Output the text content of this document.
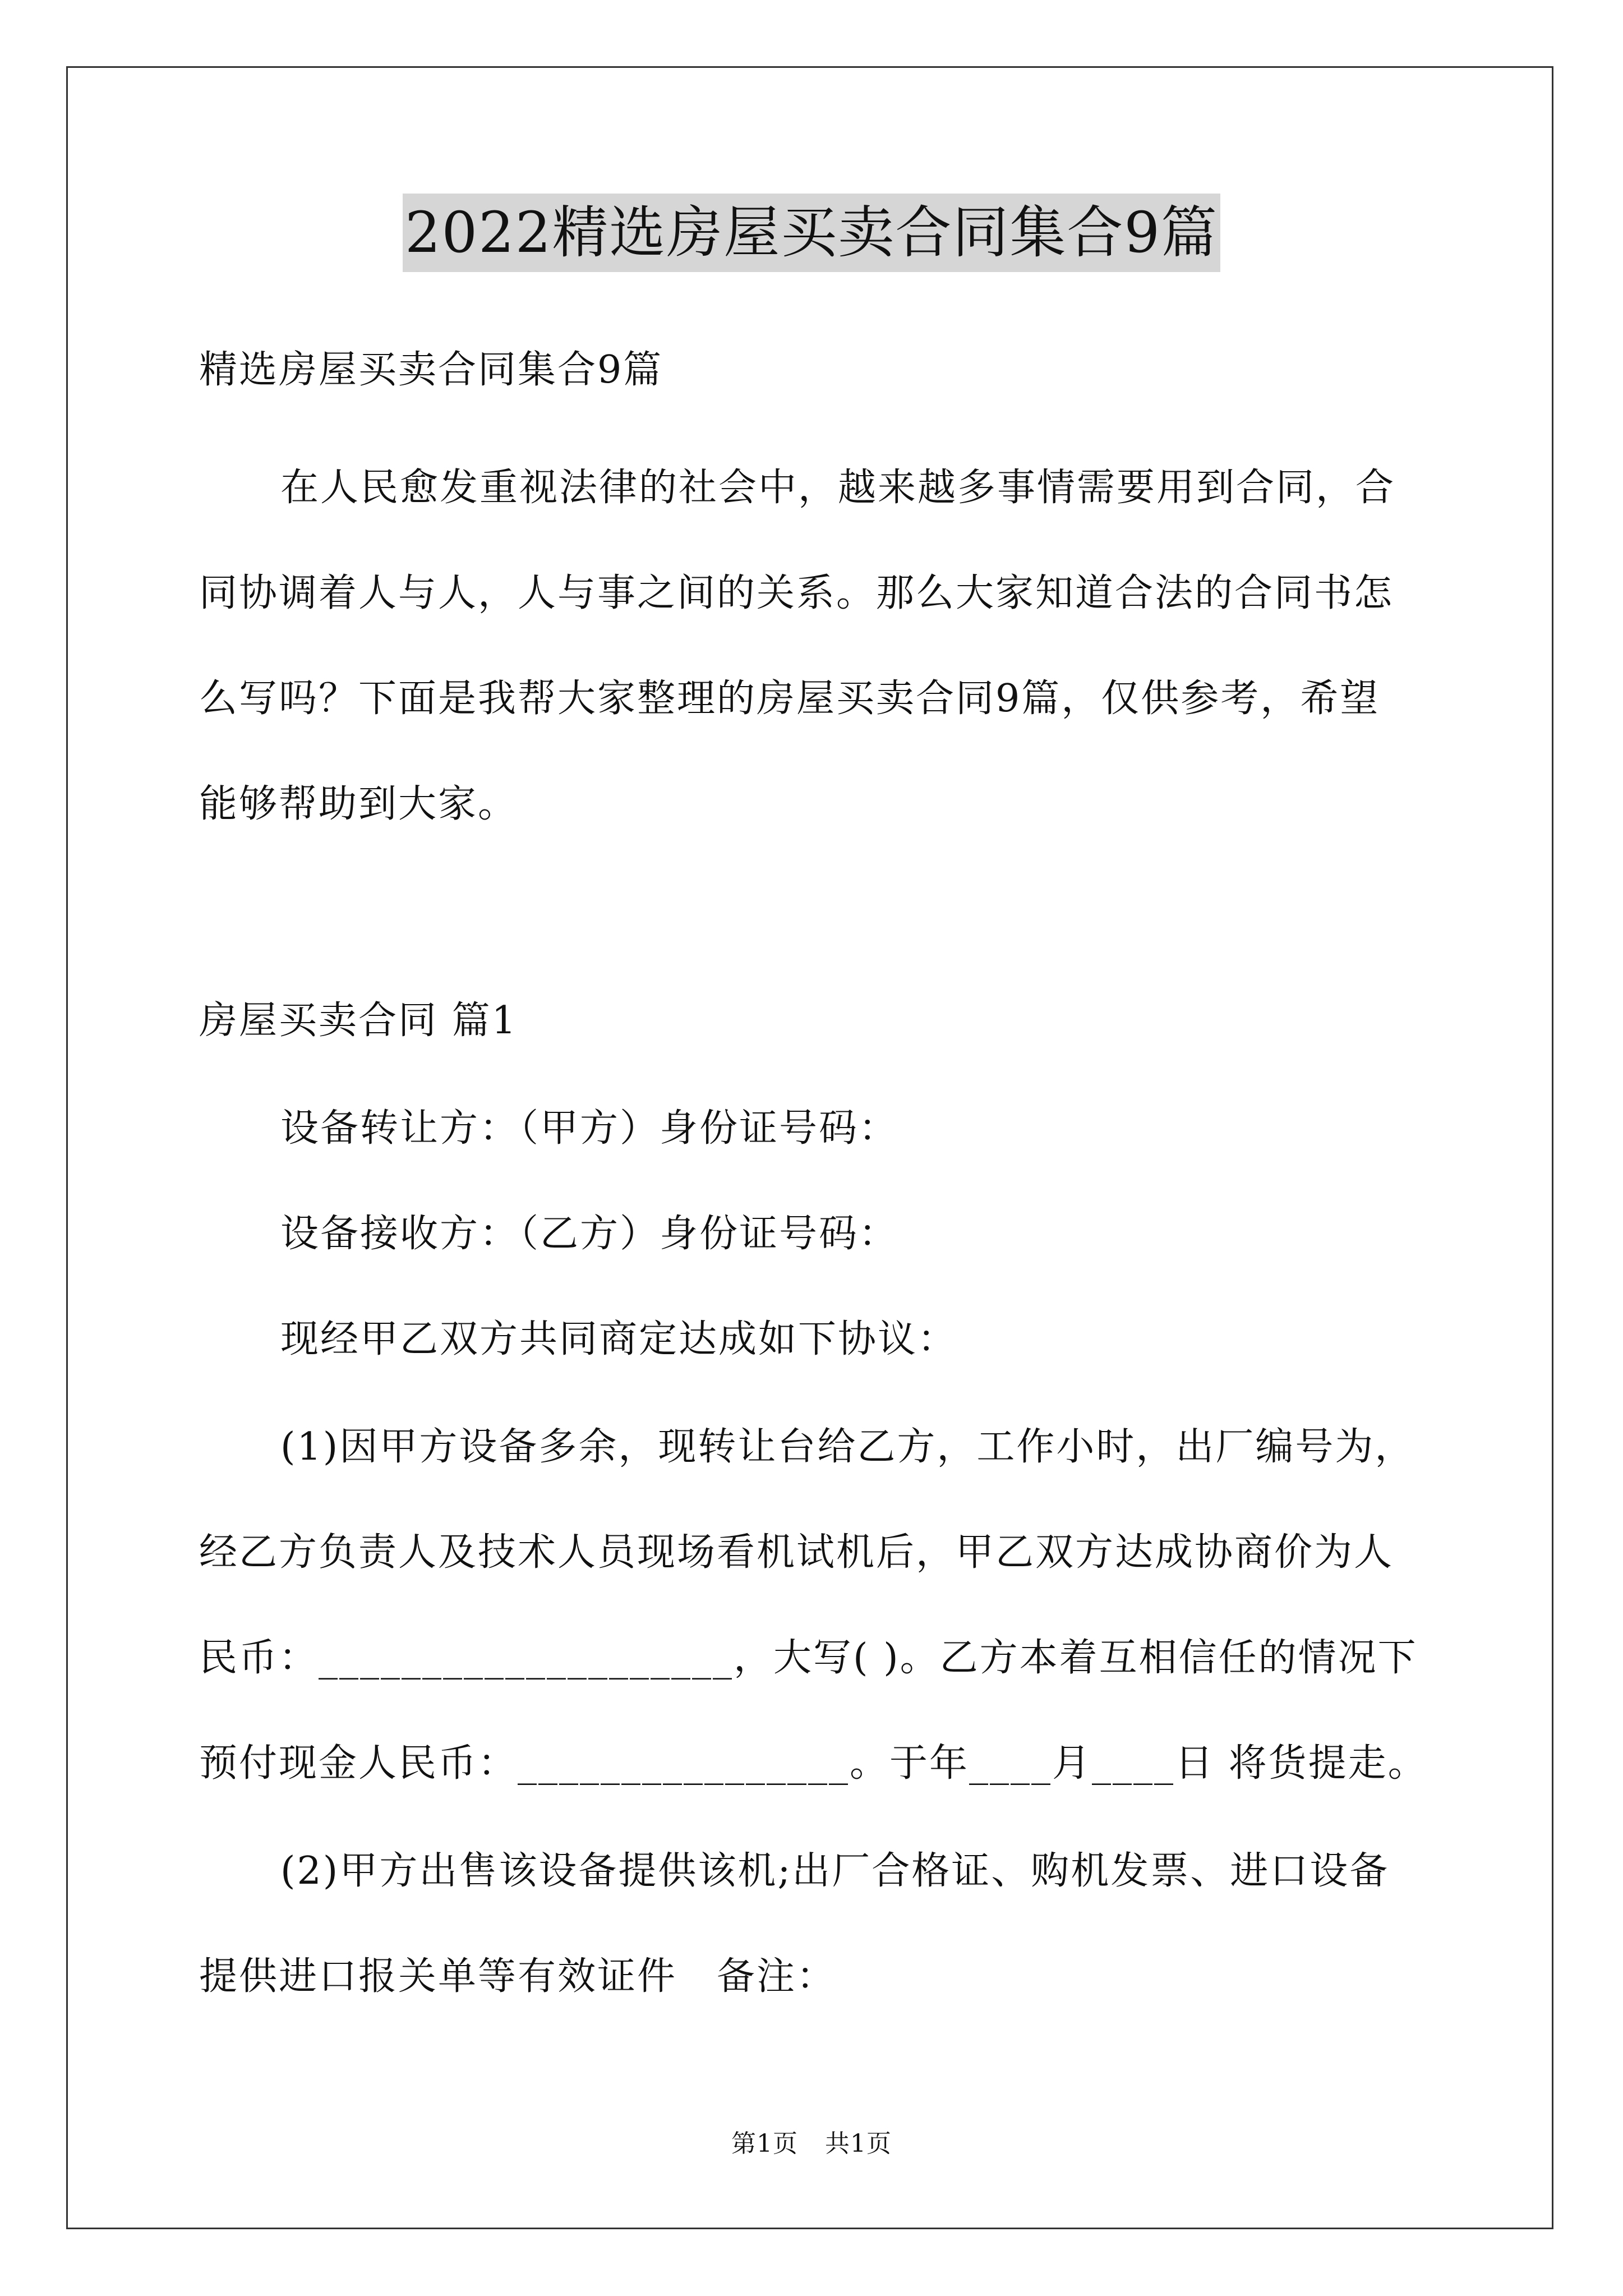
2022精选房屋买卖合同集合9篇
精选房屋买卖合同集合9篇
在人民愈发重视法律的社会中，越来越多事情需要用到合同，合
同协调着人与人，人与事之间的关系。那么大家知道合法的合同书怎
么写吗？下面是我帮大家整理的房屋买卖合同9篇，仅供参考，希望
能够帮助到大家。
房屋买卖合同 篇1
设备转让方：（甲方）身份证号码：
设备接收方：（乙方）身份证号码：
现经甲乙双方共同商定达成如下协议：
(1)因甲方设备多余，现转让台给乙方，工作小时，出厂编号为，
经乙方负责人及技术人员现场看机试机后，甲乙双方达成协商价为人
民币：____________________，大写( )。乙方本着互相信任的情况下
预付现金人民币：________________。于年____月____日 将货提走。
(2)甲方出售该设备提供该机;出厂合格证、购机发票、进口设备
提供进口报关单等有效证件　备注：
第1页 共1页
